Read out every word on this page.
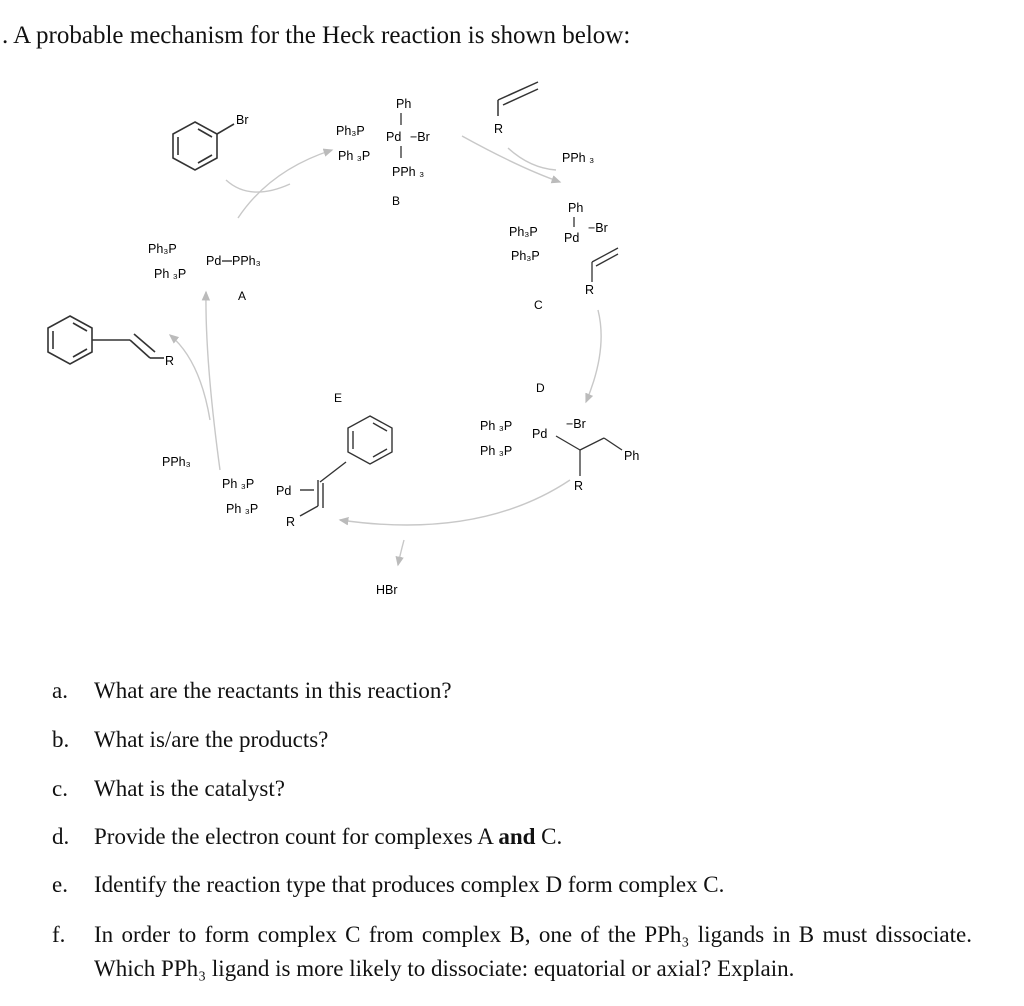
. A probable mechanism for the Heck reaction is shown below:
Br
Ph₃P
Pd PPh₃
Ph ₃P
A
Ph
Ph₃P Pd −Br
Ph ₃P
PPh ₃
B
R
PPh ₃
Ph
Ph₃P Pd
−Br
Ph₃P
R
C
D
Ph ₃P
Pd
−Br
Ph ₃P	Ph
R
E
Ph ₃P Pd
Ph ₃P
R
HBr
PPh₃
R
a. What are the reactants in this reaction?
b. What is/are the products?
c. What is the catalyst?
d. Provide the electron count for complexes A and C.
e. Identify the reaction type that produces complex D form complex C.
f. In order to form complex C from complex B, one of the PPh₃ ligands in B must dissociate. Which PPh₃ ligand is more likely to dissociate: equatorial or axial? Explain.
